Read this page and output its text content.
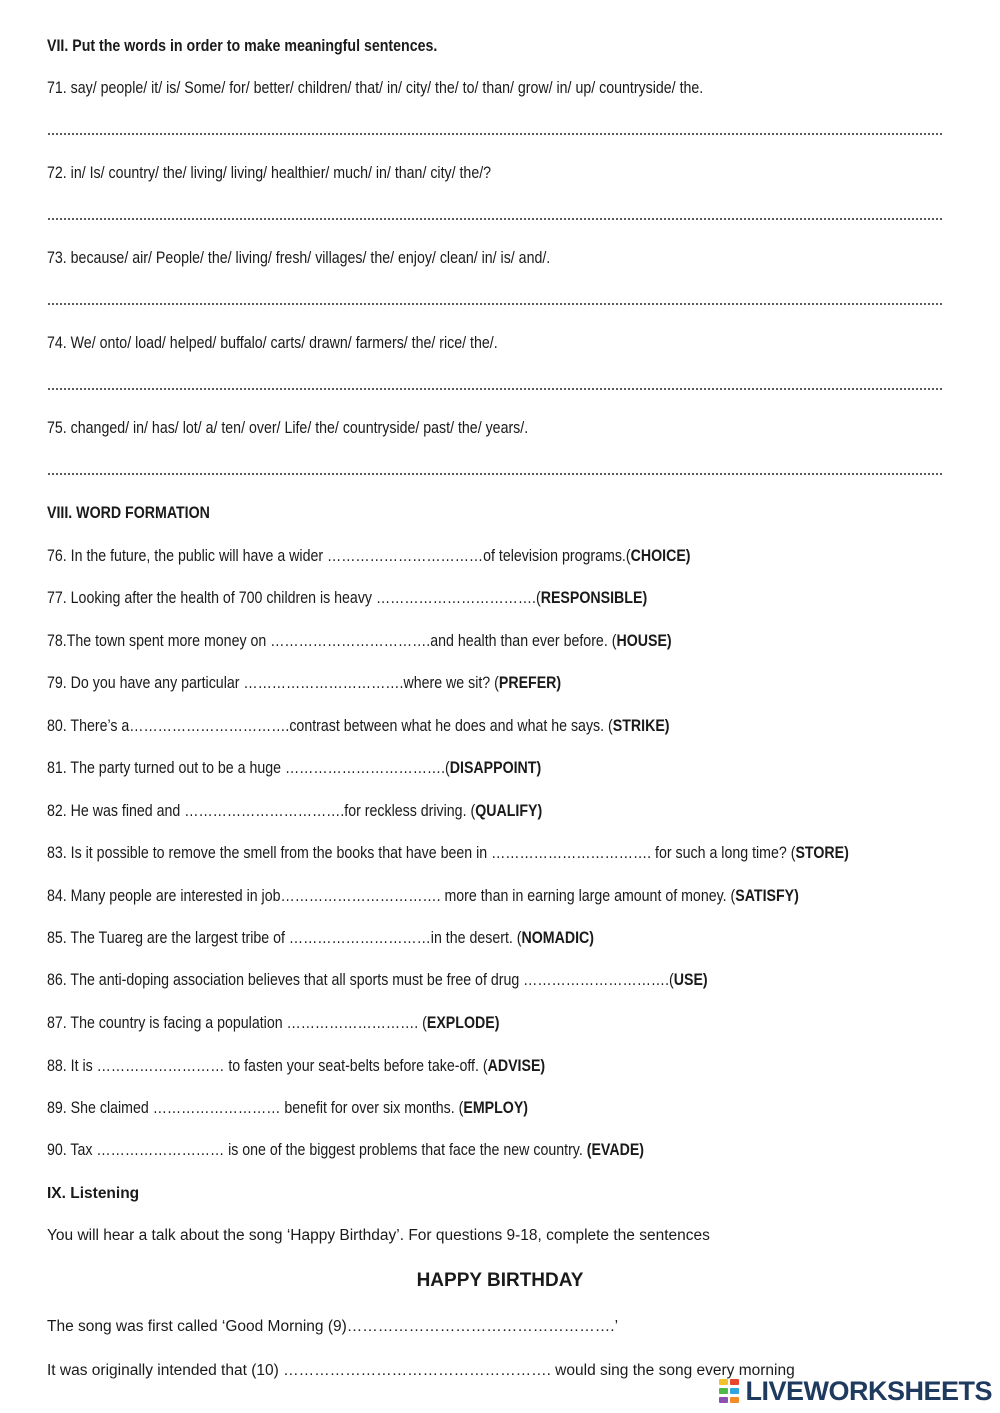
VII. Put the words in order to make meaningful sentences.
71. say/ people/ it/ is/ Some/ for/ better/ children/ that/ in/ city/ the/ to/ than/ grow/ in/ up/ countryside/ the.
72. in/ Is/ country/ the/ living/ living/ healthier/ much/ in/ than/ city/ the/?
73. because/ air/ People/ the/ living/ fresh/ villages/ the/ enjoy/ clean/ in/ is/ and/.
74. We/ onto/ load/ helped/ buffalo/ carts/ drawn/ farmers/ the/ rice/ the/.
75. changed/ in/ has/ lot/ a/ ten/ over/ Life/ the/ countryside/ past/ the/ years/.
VIII. WORD FORMATION
76. In the future, the public will have a wider ……………………………of television programs.(CHOICE)
77. Looking after the health of 700 children is heavy …………………………….(RESPONSIBLE)
78.The town spent more money on …………………………….and health than ever before. (HOUSE)
79. Do you have any particular …………………………….where we sit? (PREFER)
80. There’s a…………………………….contrast between what he does and what he says. (STRIKE)
81. The party turned out to be a huge …………………………….(DISAPPOINT)
82. He was fined and …………………………….for reckless driving. (QUALIFY)
83. Is it possible to remove the smell from the books that have been in ……………………………. for such a long time? (STORE)
84. Many people are interested in job……………………………. more than in earning large amount of money. (SATISFY)
85. The Tuareg are the largest tribe of …………………………in the desert. (NOMADIC)
86. The anti-doping association believes that all sports must be free of drug ………………………….(USE)
87. The country is facing a population ………………………. (EXPLODE)
88. It is ……………………… to fasten your seat-belts before take-off. (ADVISE)
89. She claimed ……………………… benefit for over six months. (EMPLOY)
90. Tax ……………………… is one of the biggest problems that face the new country. (EVADE)
IX. Listening
You will hear a talk about the song ‘Happy Birthday’. For questions 9-18, complete the sentences
HAPPY BIRTHDAY
The song was first called ‘Good Morning (9)…………………………………………….’
It was originally intended that (10) ……………………………………………. would sing the song every morning
LIVEWORKSHEETS
